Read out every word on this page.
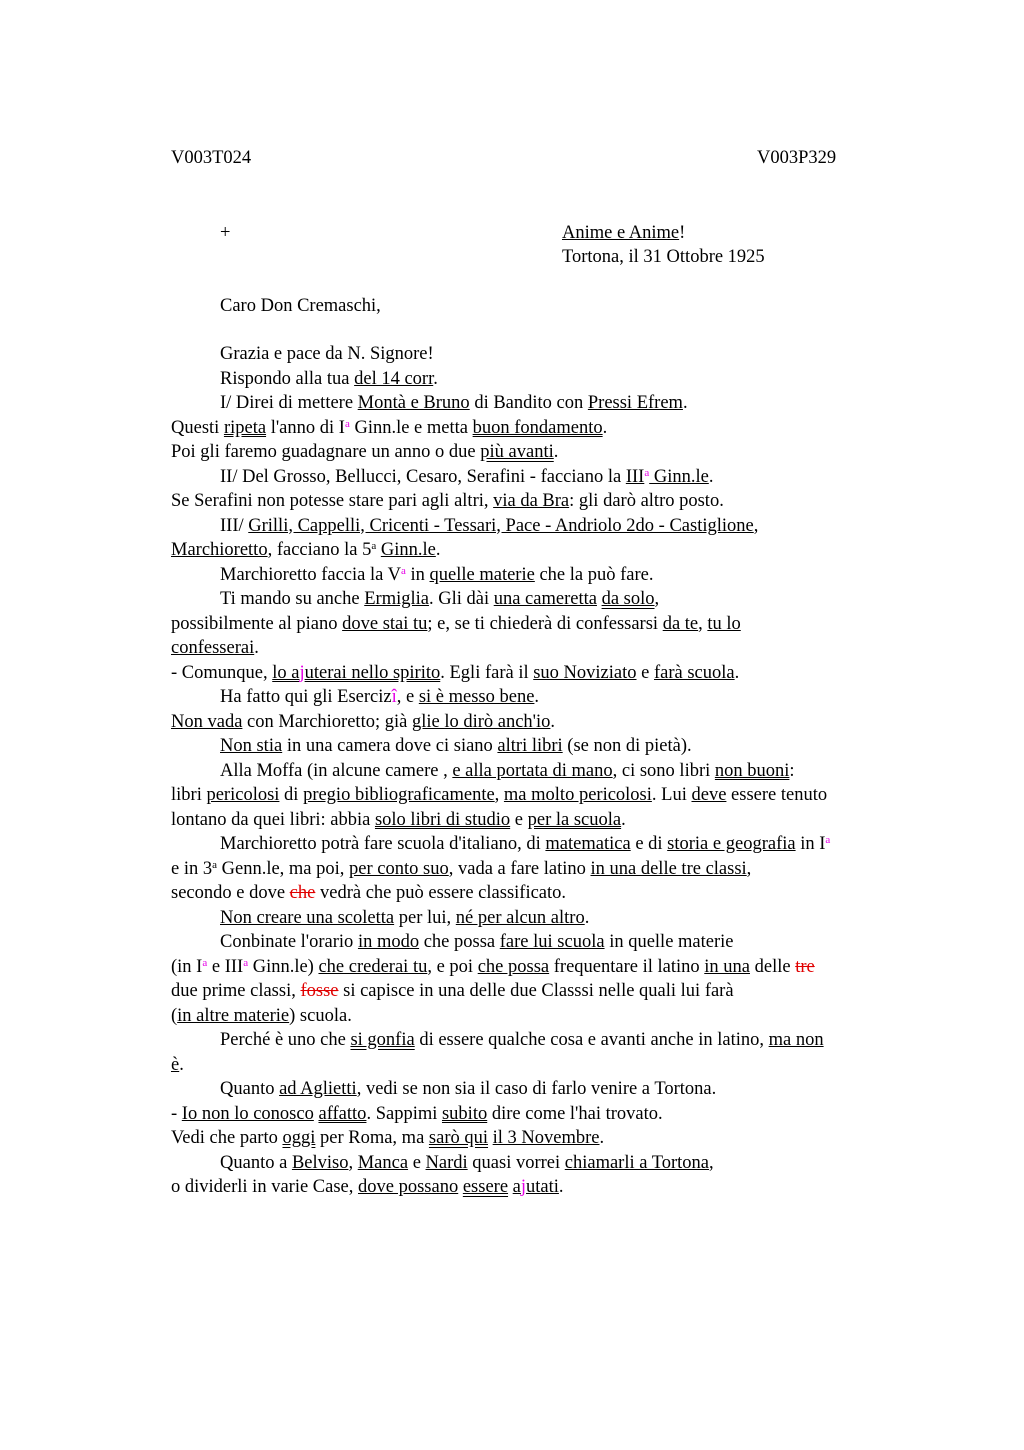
V003T024	V003P329
+	Anime e Anime!
Tortona, il 31 Ottobre 1925
Caro Don Cremaschi,
Grazia e pace da N. Signore!
Rispondo alla tua del 14 corr.
I/ Direi di mettere Montà e Bruno di Bandito con Pressi Efrem.
Questi ripeta l'anno di $I^a$ Ginn.le e metta buon fondamento.
Poi gli faremo guadagnare un anno o due più avanti.
II/ Del Grosso, Bellucci, Cesaro, Serafini - facciano la III$^a$ Ginn.le.
Se Serafini non potesse stare pari agli altri, via da Bra: gli darò altro posto.
III/ Grilli, Cappelli, Cricenti - Tessari, Pace - Andriolo 2do - Castiglione,
Marchioretto, facciano la 5$^a$ Ginn.le.
Marchioretto faccia la $V^a$ in quelle materie che la può fare.
Ti mando su anche Ermiglia. Gli dài una cameretta da solo,
possibilmente al piano dove stai tu; e, se ti chiederà di confessarsi da te, tu lo
confesserai.
- Comunque, lo ajuterai nello spirito. Egli farà il suo Noviziato e farà scuola.
Ha fatto qui gli Esercizî, e si è messo bene.
Non vada con Marchioretto; già glie lo dirò anch'io.
Non stia in una camera dove ci siano altri libri (se non di pietà).
Alla Moffa (in alcune camere , e alla portata di mano, ci sono libri non buoni:
libri pericolosi di pregio bibliograficamente, ma molto pericolosi. Lui deve essere tenuto
lontano da quei libri: abbia solo libri di studio e per la scuola.
Marchioretto potrà fare scuola d'italiano, di matematica e di storia e geografia in $I^a$
e in 3$^a$ Genn.le, ma poi, per conto suo, vada a fare latino in una delle tre classi,
secondo e dove che vedrà che può essere classificato.
Non creare una scoletta per lui, né per alcun altro.
Conbinate l'orario in modo che possa fare lui scuola in quelle materie
(in $I^a$ e III$^a$ Ginn.le) che crederai tu, e poi che possa frequentare il latino in una delle tre
due prime classi, fosse si capisce in una delle due Classsi nelle quali lui farà
(in altre materie) scuola.
Perché è uno che si gonfia di essere qualche cosa e avanti anche in latino, ma non
è.
Quanto ad Aglietti, vedi se non sia il caso di farlo venire a Tortona.
- Io non lo conosco affatto. Sappimi subito dire come l'hai trovato.
Vedi che parto oggi per Roma, ma sarò qui il 3 Novembre.
Quanto a Belviso, Manca e Nardi quasi vorrei chiamarli a Tortona,
o dividerli in varie Case, dove possano essere ajutati.
